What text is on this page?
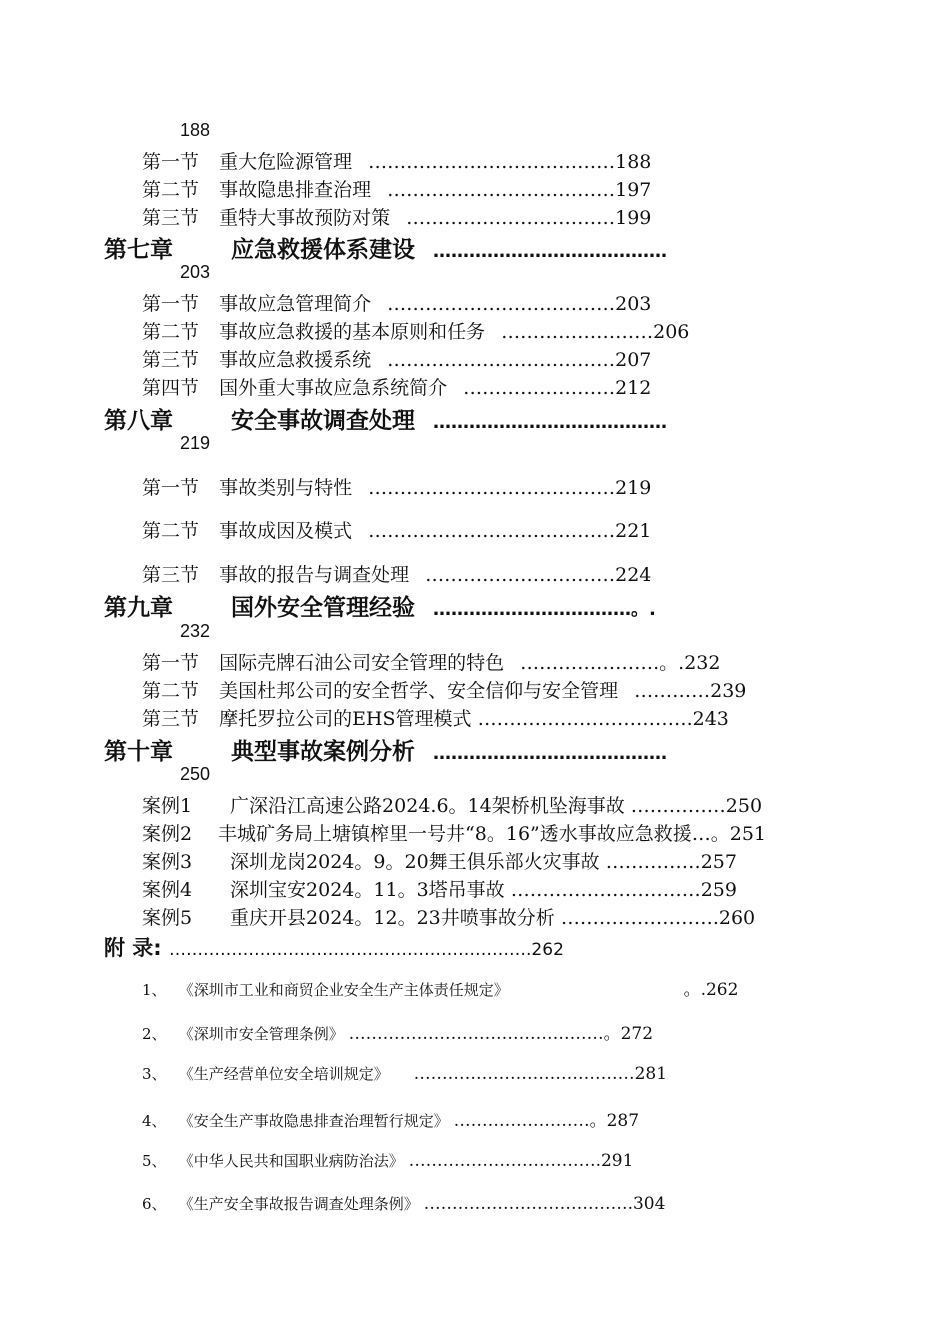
188
第一节 重大危险源管理 …………………………………188
第二节 事故隐患排查治理 ………………………………197
第三节 重特大事故预防对策 ……………………………199
第七章	应急救援体系建设 …………………………………
203
第一节 事故应急管理简介 ………………………………203
第二节 事故应急救援的基本原则和任务 ……………………206
第三节 事故应急救援系统 ………………………………207
第四节 国外重大事故应急系统简介 ……………………212
第八章	安全事故调查处理 …………………………………
219
第一节 事故类别与特性 …………………………………219
第二节 事故成因及模式 …………………………………221
第三节 事故的报告与调查处理 …………………………224
第九章	国外安全管理经验 ……………………………。.
232
第一节 国际壳牌石油公司安全管理的特色 ………………….。.232
第二节 美国杜邦公司的安全哲学、安全信仰与安全管理 …………239
第三节 摩托罗拉公司的EHS管理模式 …………………………….243
第十章	典型事故案例分析 …………………………………
250
案例1 广深沿江高速公路2024.6。14架桥机坠海事故 ……………250
案例2 丰城矿务局上塘镇榨里一号井“8。16”透水事故应急救援…。251
案例3 深圳龙岗2024。9。20舞王俱乐部火灾事故 ……………257
案例4 深圳宝安2024。11。3塔吊事故 …………………………259
案例5 重庆开县2024。12。23井喷事故分析 …………………….260
附 录: ……………………………………………………….262
1、 《深圳市工业和商贸企业安全生产主体责任规定》	。.262
2、 《深圳市安全管理条例》 ………………………………………。272
3、 《生产经营单位安全培训规定》 …………………………………281
4、 《安全生产事故隐患排查治理暂行规定》 ……………………。287
5、 《中华人民共和国职业病防治法》 …………………………….291
6、 《生产安全事故报告调查处理条例》 ……………………………….304
